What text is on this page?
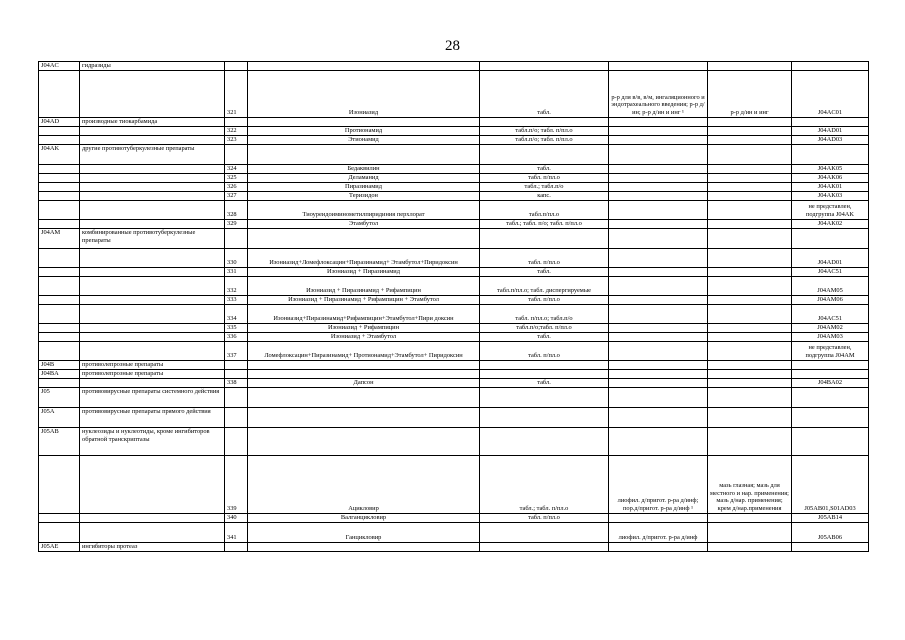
28
J04AC	гидразиды						
		321	Изониазид	табл.	р-р для в/в, в/м, ингаляционного и эндотрахеального введения; р-р д/ин; р-р д/ин и инг ¹	р-р д/ин и инг	J04AC01
J04AD	производные тиокарбамида						
		322	Протионамид	табл.п/о; табл. п/пл.о			J04AD01
		323	Этионамид	табл.п/о; табл. п/пл.о			J04AD03
J04AK	другие противотуберкулезные препараты						
		324	Бедаквилин	табл.			J04AK05
		325	Деламанид	табл. п/пл.о			J04AK06
		326	Пиразинамид	табл.; табл.п/о			J04AK01
		327	Теризидон	капс.			J04AK03
		328	Тиоуреидоиминометилпиридиния перхлорат	табл.п/пл.о			не представлен, подгруппа J04AK
		329	Этамбутол	табл.; табл. п/о; табл. п/пл.о			J04AK02
J04AM	комбинированные противотуберкулезные препараты						
		330	Изониазид+Ломефлоксацин+Пиразинамид+ Этамбутол+Пиридоксин	табл. п/пл.о			J04AD01
		331	Изониазид + Пиразинамид	табл.			J04AC51
		332	Изониазид + Пиразинамид + Рифампицин	табл.п/пл.о; табл. диспергируемые			J04AM05
		333	Изониазид + Пиразинамид + Рифампицин + Этамбутол	табл. п/пл.о			J04AM06
		334	Изониазид+Пиразинамид+Рифампицин+Этамбутол+Пири доксин	табл. п/пл.о; табл.п/о			J04AC51
		335	Изониазид + Рифампицин	табл.п/о;табл. п/пл.о			J04AM02
		336	Изониазид + Этамбутол	табл.			J04AM03
		337	Ломефлоксацин+Пиразинамид+ Протионамид+Этамбутол+ Пиридоксин	табл. п/пл.о			не представлен, подгруппа J04AM
J04B	противолепрозные препараты						
J04BA	противолепрозные препараты						
		338	Дапсон	табл.			J04BA02
J05	противовирусные препараты системного действия						
J05A	противовирусные препараты прямого действия						
J05AB	нуклеозиды и нуклеотиды, кроме ингибиторов обратной транскриптазы						
		339	Ацикловир	табл.; табл. п/пл.о	лиофил. д/пригот. р-ра д/инф; пор.д/пригот. р-ра д/инф ¹	мазь глазная; мазь для местного и нар. применения; мазь д/нар. применения; крем д/нар.применения	J05AB01,S01AD03
		340	Валганцикловир	табл. п/пл.о			J05AB14
		341	Ганцикловир		лиофил. д/пригот. р-ра д/инф		J05AB06
J05AE	ингибиторы протеаз						
